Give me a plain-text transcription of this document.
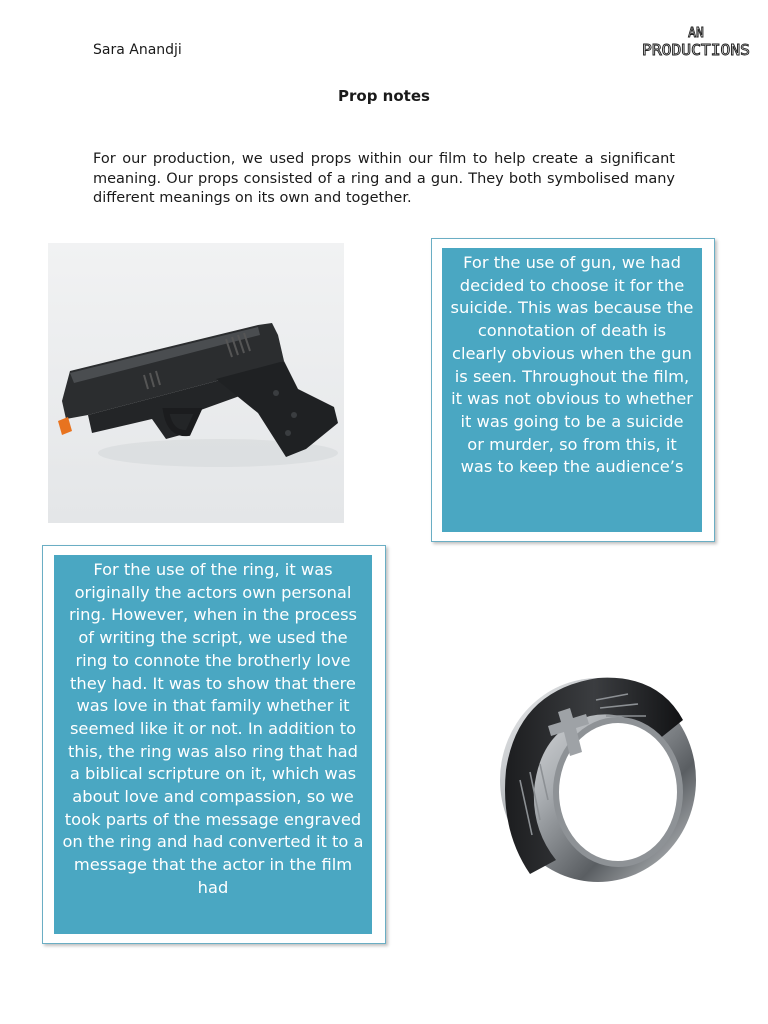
Sara Anandji
AN
PRODUCTIONS
Prop notes
For our production, we used props within our film to help create a significant meaning. Our props consisted of a ring and a gun. They both symbolised many different meanings on its own and together.
For the use of gun, we had decided to choose it for the suicide. This was because the connotation of death is clearly obvious when the gun is seen. Throughout the film, it was not obvious to whether it was going to be a suicide or murder, so from this, it was to keep the audience’s
For the use of the ring, it was originally the actors own personal ring. However, when in the process of writing the script, we used the ring to connote the brotherly love they had. It was to show that there was love in that family whether it seemed like it or not. In addition to this, the ring was also ring that had a biblical scripture on it, which was about love and compassion, so we took parts of the message engraved on the ring and had converted it to a message that the actor in the film had
